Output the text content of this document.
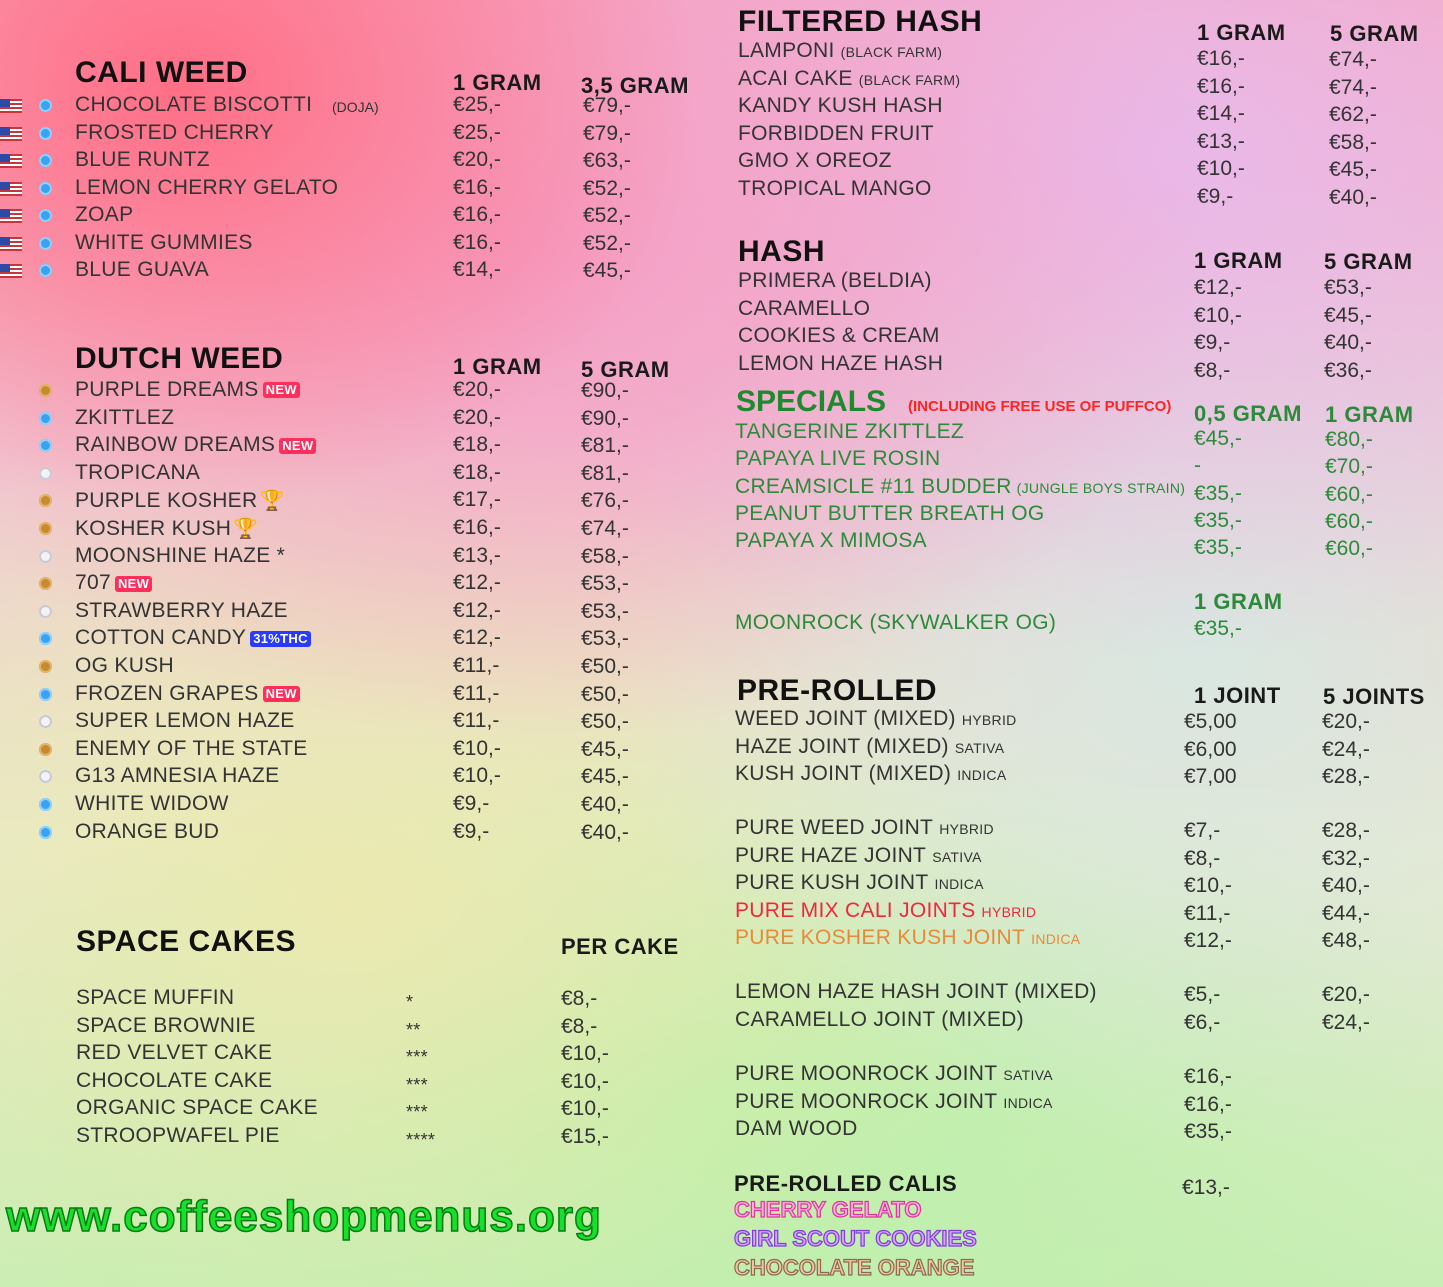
CALI WEED	1 GRAM 3,5 GRAM
CHOCOLATE BISCOTTI (DOJA)	€25,-	€79,-
FROSTED CHERRY	€25,-	€79,-
BLUE RUNTZ	€20,-	€63,-
LEMON CHERRY GELATO	€16,-	€52,-
ZOAP	€16,-	€52,-
WHITE GUMMIES	€16,-	€52,-
BLUE GUAVA	€14,-	€45,-
DUTCH WEED	1 GRAM 5 GRAM
PURPLE DREAMS NEW	€20,-	€90,-
ZKITTLEZ	€20,-	€90,-
RAINBOW DREAMS NEW	€18,-	€81,-
TROPICANA	€18,-	€81,-
PURPLE KOSHER 🏆	€17,-	€76,-
KOSHER KUSH 🏆	€16,-	€74,-
MOONSHINE HAZE *	€13,-	€58,-
707 NEW	€12,-	€53,-
STRAWBERRY HAZE	€12,-	€53,-
COTTON CANDY 31%THC	€12,-	€53,-
OG KUSH	€11,-	€50,-
FROZEN GRAPES NEW	€11,-	€50,-
SUPER LEMON HAZE	€11,-	€50,-
ENEMY OF THE STATE	€10,-	€45,-
G13 AMNESIA HAZE	€10,-	€45,-
WHITE WIDOW	€9,-	€40,-
ORANGE BUD	€9,-	€40,-
SPACE CAKES	PER CAKE
SPACE MUFFIN	*	€8,-
SPACE BROWNIE	**	€8,-
RED VELVET CAKE	***	€10,-
CHOCOLATE CAKE	***	€10,-
ORGANIC SPACE CAKE	***	€10,-
STROOPWAFEL PIE	****	€15,-
FILTERED HASH	1 GRAM 5 GRAM
LAMPONI (BLACK FARM)	€16,-	€74,-
ACAI CAKE (BLACK FARM)	€16,-	€74,-
KANDY KUSH HASH	€14,-	€62,-
FORBIDDEN FRUIT	€13,-	€58,-
GMO X OREOZ	€10,-	€45,-
TROPICAL MANGO	€9,-	€40,-
HASH	1 GRAM 5 GRAM
PRIMERA (BELDIA)	€12,-	€53,-
CARAMELLO	€10,-	€45,-
COOKIES & CREAM	€9,-	€40,-
LEMON HAZE HASH	€8,-	€36,-
SPECIALS (INCLUDING FREE USE OF PUFFCO) 0,5 GRAM 1 GRAM
TANGERINE ZKITTLEZ	€45,-	€80,-
PAPAYA LIVE ROSIN	-	€70,-
CREAMSICLE #11 BUDDER (JUNGLE BOYS STRAIN) €35,-	€60,-
PEANUT BUTTER BREATH OG	€35,-	€60,-
PAPAYA X MIMOSA	€35,-	€60,-
1 GRAM
MOONROCK (SKYWALKER OG)	€35,-
PRE-ROLLED	1 JOINT 5 JOINTS
WEED JOINT (MIXED) HYBRID	€5,00	€20,-
HAZE JOINT (MIXED) SATIVA	€6,00	€24,-
KUSH JOINT (MIXED) INDICA	€7,00	€28,-
PURE WEED JOINT HYBRID	€7,-	€28,-
PURE HAZE JOINT SATIVA	€8,-	€32,-
PURE KUSH JOINT INDICA	€10,-	€40,-
PURE MIX CALI JOINTS HYBRID	€11,-	€44,-
PURE KOSHER KUSH JOINT INDICA	€12,-	€48,-
LEMON HAZE HASH JOINT (MIXED)	€5,-	€20,-
CARAMELLO JOINT (MIXED)	€6,-	€24,-
PURE MOONROCK JOINT SATIVA	€16,-
PURE MOONROCK JOINT INDICA	€16,-
DAM WOOD	€35,-
PRE-ROLLED CALIS	€13,-
CHERRY GELATO
GIRL SCOUT COOKIES
CHOCOLATE ORANGE
www.coffeeshopmenus.org
